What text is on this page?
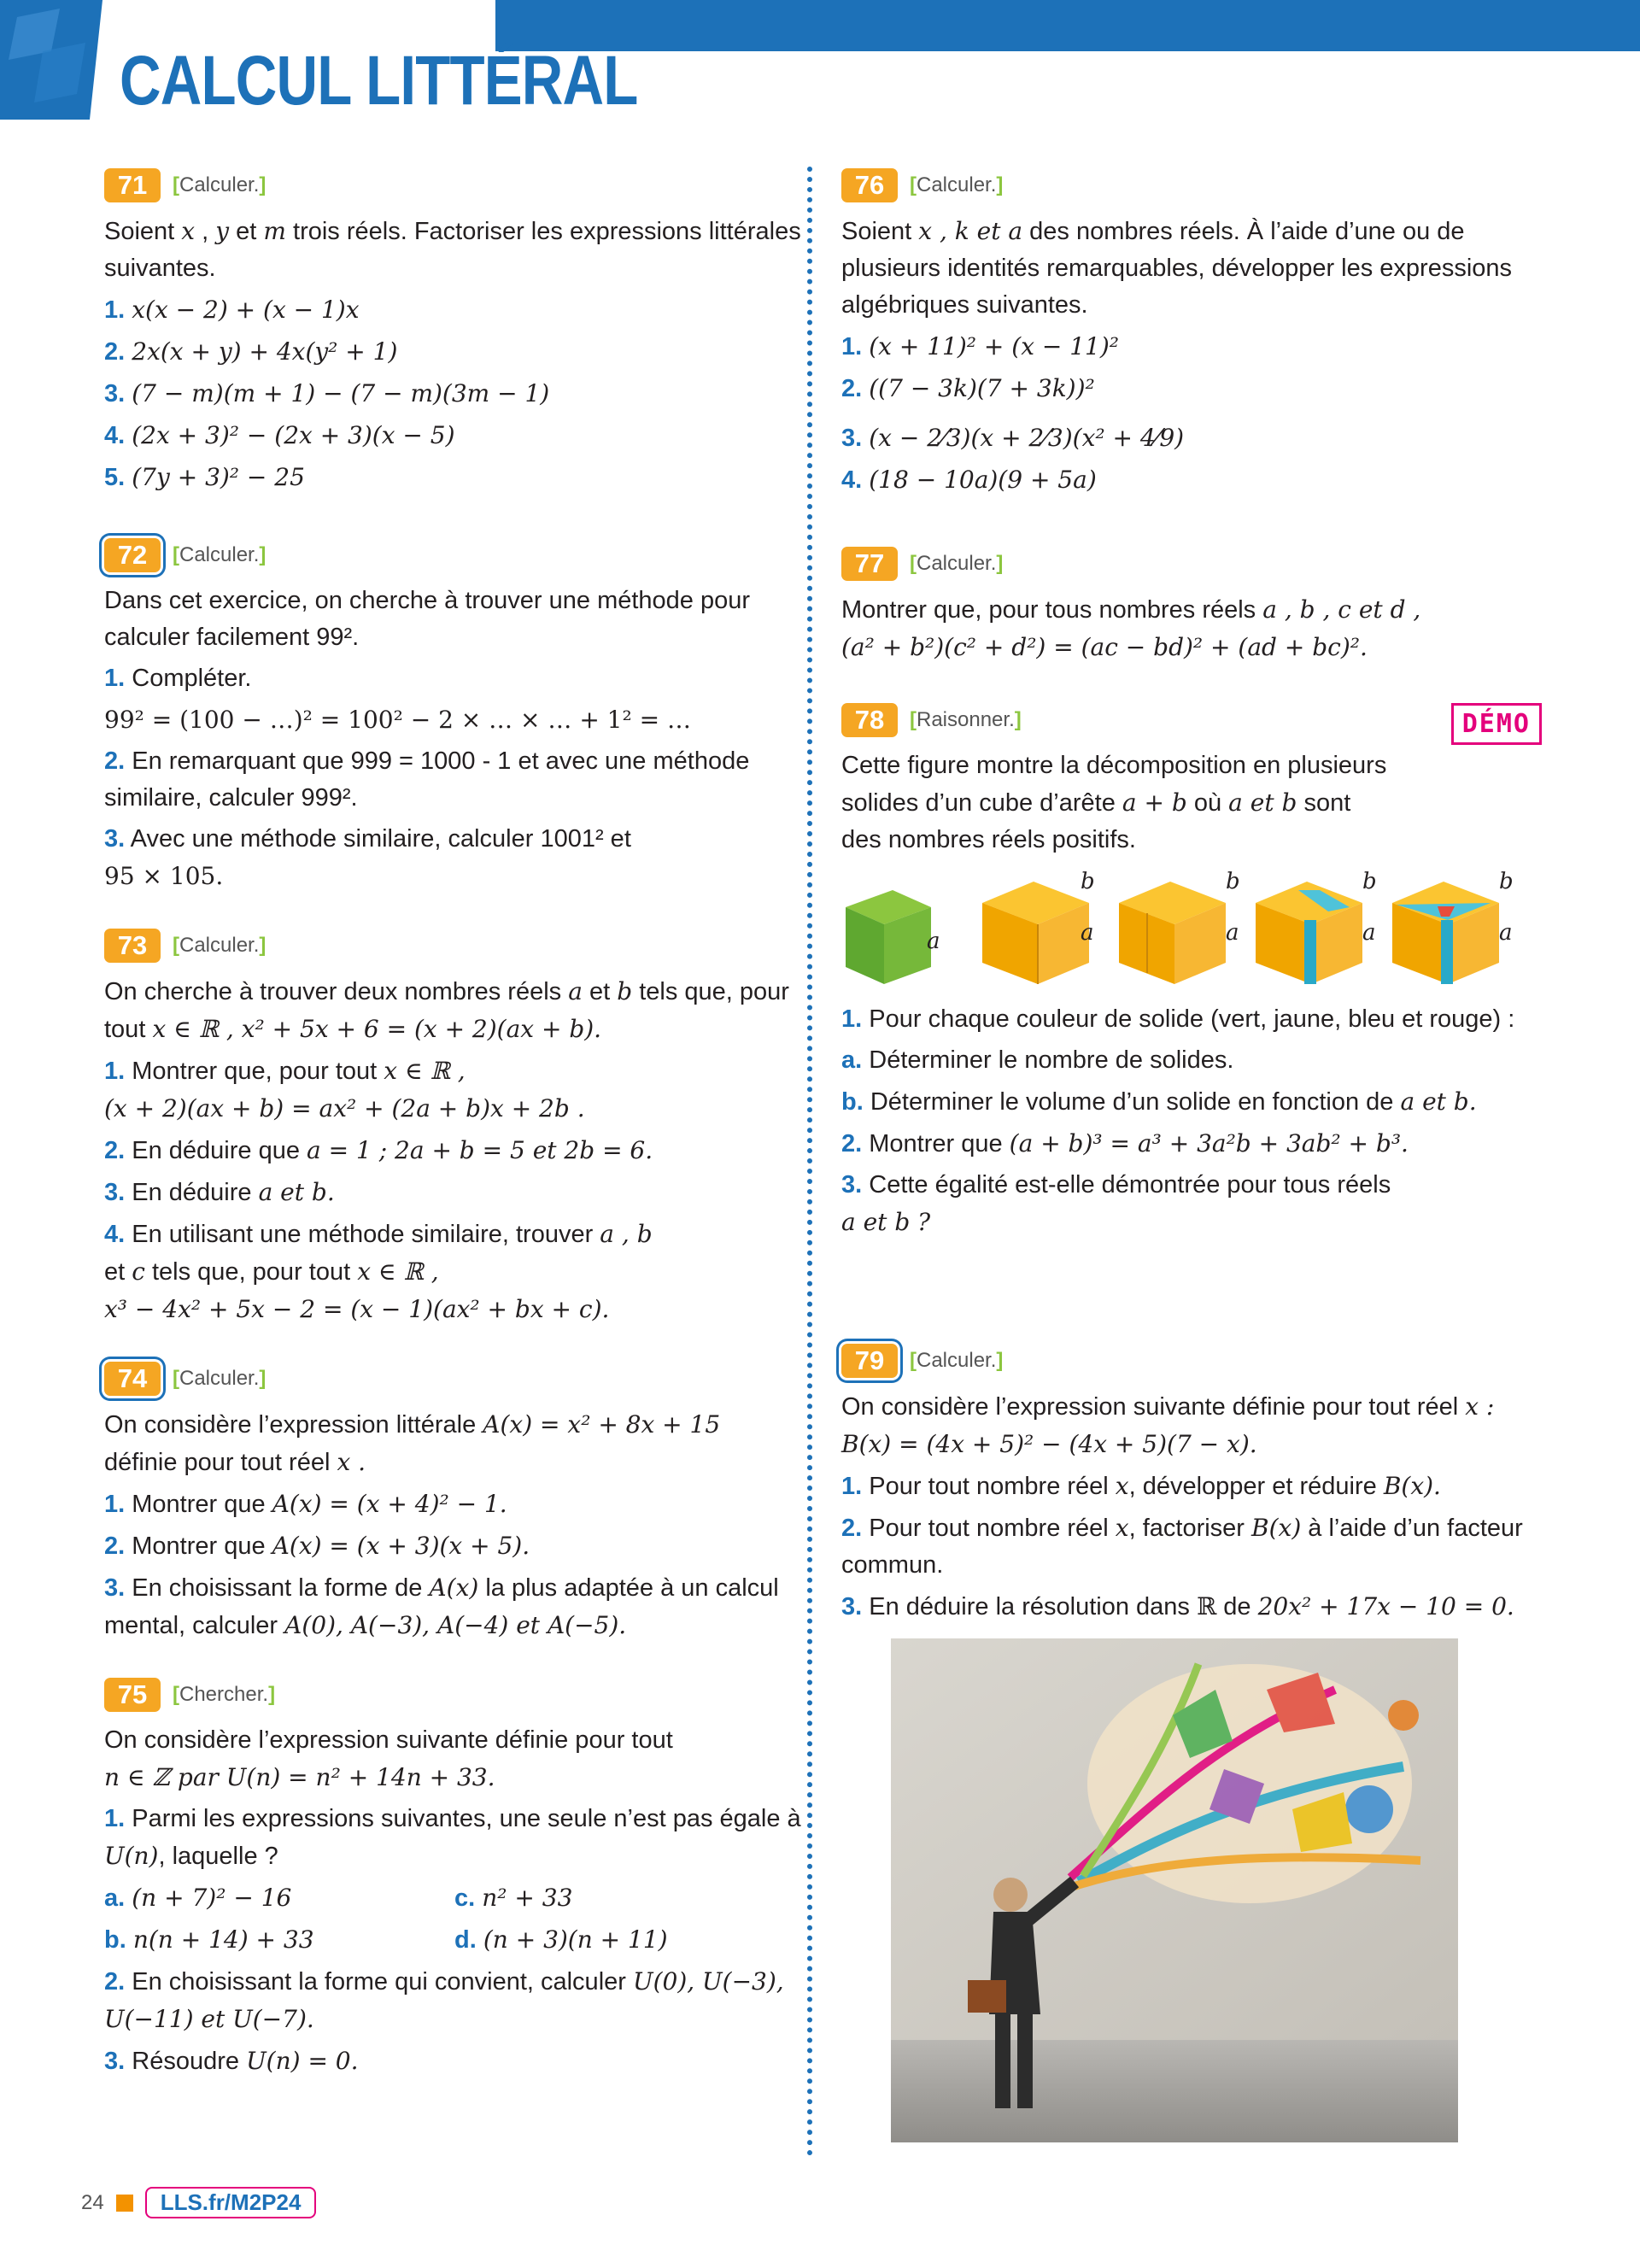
CALCUL LITTÉRAL
71	[Calculer.]

Soient x , y et m trois réels. Factoriser les expressions littérales suivantes.

1. x(x − 2) + (x − 1)x

2. 2x(x + y) + 4x(y² + 1)

3. (7 − m)(m + 1) − (7 − m)(3m − 1)

4. (2x + 3)² − (2x + 3)(x − 5)

5. (7y + 3)² − 25

72	[Calculer.]

Dans cet exercice, on cherche à trouver une méthode pour calculer facilement 99².

1. Compléter.

99² = (100 − …)² = 100² − 2 × … × … + 1² = …

2. En remarquant que 999 = 1000 - 1 et avec une méthode similaire, calculer 999².

3. Avec une méthode similaire, calculer 1001² et
95 × 105.

73	[Calculer.]

On cherche à trouver deux nombres réels a et b tels que, pour tout x ∈ ℝ , x² + 5x + 6 = (x + 2)(ax + b).

1. Montrer que, pour tout x ∈ ℝ ,
(x + 2)(ax + b) = ax² + (2a + b)x + 2b .

2. En déduire que a = 1 ; 2a + b = 5 et 2b = 6.

3. En déduire a et b.

4. En utilisant une méthode similaire, trouver a , b
et c tels que, pour tout x ∈ ℝ ,
x³ − 4x² + 5x − 2 = (x − 1)(ax² + bx + c).

74	[Calculer.]

On considère l’expression littérale A(x) = x² + 8x + 15
définie pour tout réel x .

1. Montrer que A(x) = (x + 4)² − 1.

2. Montrer que A(x) = (x + 3)(x + 5).

3. En choisissant la forme de A(x) la plus adaptée à un calcul mental, calculer A(0), A(−3), A(−4) et A(−5).

75	[Chercher.]

On considère l’expression suivante définie pour tout
n ∈ ℤ par U(n) = n² + 14n + 33.

1. Parmi les expressions suivantes, une seule n’est pas égale à U(n), laquelle ?

a. (n + 7)² − 16	c. n² + 33
b. n(n + 14) + 33	d. (n + 3)(n + 11)

2. En choisissant la forme qui convient, calculer U(0), U(−3), U(−11) et U(−7).

3. Résoudre U(n) = 0.

76	[Calculer.]

Soient x , k et a des nombres réels. À l’aide d’une ou de plusieurs identités remarquables, développer les expressions algébriques suivantes.

1. (x + 11)² + (x − 11)²

2. ((7 − 3k)(7 + 3k))²

3. (x − 2⁄3)(x + 2⁄3)(x² + 4⁄9)

4. (18 − 10a)(9 + 5a)

77	[Calculer.]

Montrer que, pour tous nombres réels a , b , c et d ,
(a² + b²)(c² + d²) = (ac − bd)² + (ad + bc)².

78	[Raisonner.]	DÉMO

Cette figure montre la décomposition en plusieurs solides d’un cube d’arête a + b où a et b sont des nombres réels positifs.

a
b
a
b
a
b
a
b
a

1. Pour chaque couleur de solide (vert, jaune, bleu et rouge) :

a. Déterminer le nombre de solides.

b. Déterminer le volume d’un solide en fonction de a et b.

2. Montrer que (a + b)³ = a³ + 3a²b + 3ab² + b³.

3. Cette égalité est-elle démontrée pour tous réels
a et b ?

79	[Calculer.]

On considère l’expression suivante définie pour tout réel x : B(x) = (4x + 5)² − (4x + 5)(7 − x).

1. Pour tout nombre réel x, développer et réduire B(x).

2. Pour tout nombre réel x, factoriser B(x) à l’aide d’un facteur commun.

3. En déduire la résolution dans ℝ de 20x² + 17x − 10 = 0.

24	LLS.fr/M2P24
